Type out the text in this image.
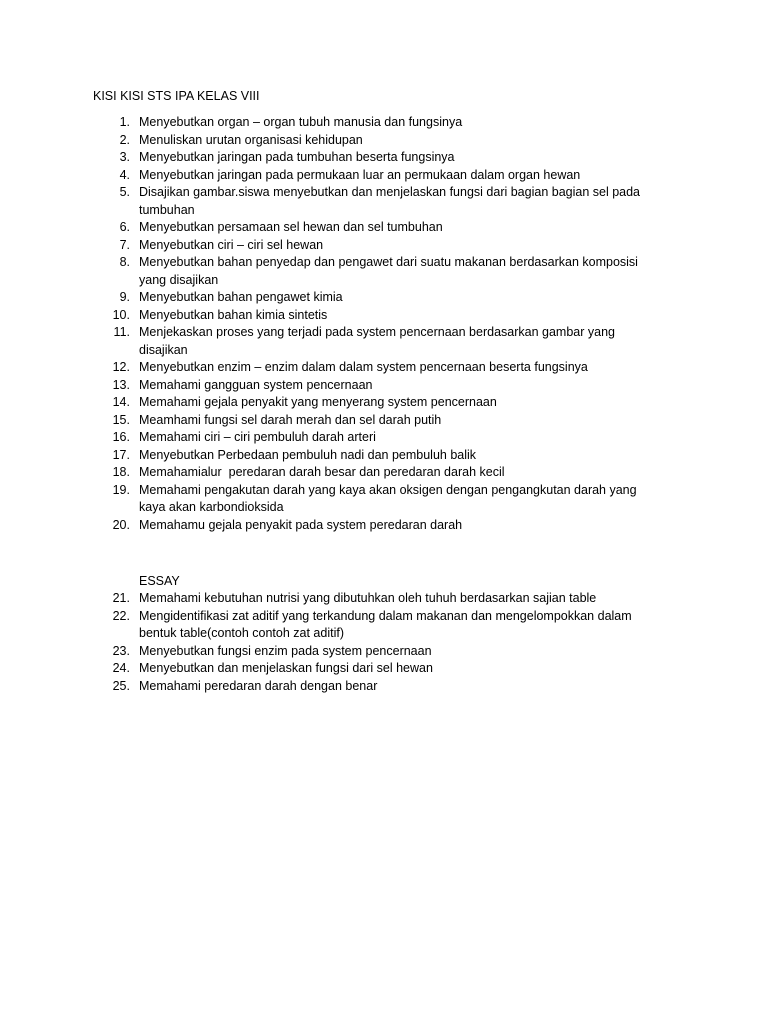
KISI KISI STS IPA KELAS VIII
1. Menyebutkan organ – organ tubuh manusia dan fungsinya
2. Menuliskan urutan organisasi kehidupan
3. Menyebutkan jaringan pada tumbuhan beserta fungsinya
4. Menyebutkan jaringan pada permukaan luar an permukaan dalam organ hewan
5. Disajikan gambar.siswa menyebutkan dan menjelaskan fungsi dari bagian bagian sel pada tumbuhan
6. Menyebutkan persamaan sel hewan dan sel tumbuhan
7. Menyebutkan ciri – ciri sel hewan
8. Menyebutkan bahan penyedap dan pengawet dari suatu makanan berdasarkan komposisi yang disajikan
9. Menyebutkan bahan pengawet kimia
10. Menyebutkan bahan kimia sintetis
11. Menjekaskan proses yang terjadi pada system pencernaan berdasarkan gambar yang disajikan
12. Menyebutkan enzim – enzim dalam dalam system pencernaan beserta fungsinya
13. Memahami gangguan system pencernaan
14. Memahami gejala penyakit yang menyerang system pencernaan
15. Meamhami fungsi sel darah merah dan sel darah putih
16. Memahami ciri – ciri pembuluh darah arteri
17. Menyebutkan Perbedaan pembuluh nadi dan pembuluh balik
18. Memahamialur  peredaran darah besar dan peredaran darah kecil
19. Memahami pengakutan darah yang kaya akan oksigen dengan pengangkutan darah yang kaya akan karbondioksida
20. Memahamu gejala penyakit pada system peredaran darah
ESSAY
21. Memahami kebutuhan nutrisi yang dibutuhkan oleh tuhuh berdasarkan sajian table
22. Mengidentifikasi zat aditif yang terkandung dalam makanan dan mengelompokkan dalam bentuk table(contoh contoh zat aditif)
23. Menyebutkan fungsi enzim pada system pencernaan
24. Menyebutkan dan menjelaskan fungsi dari sel hewan
25. Memahami peredaran darah dengan benar
